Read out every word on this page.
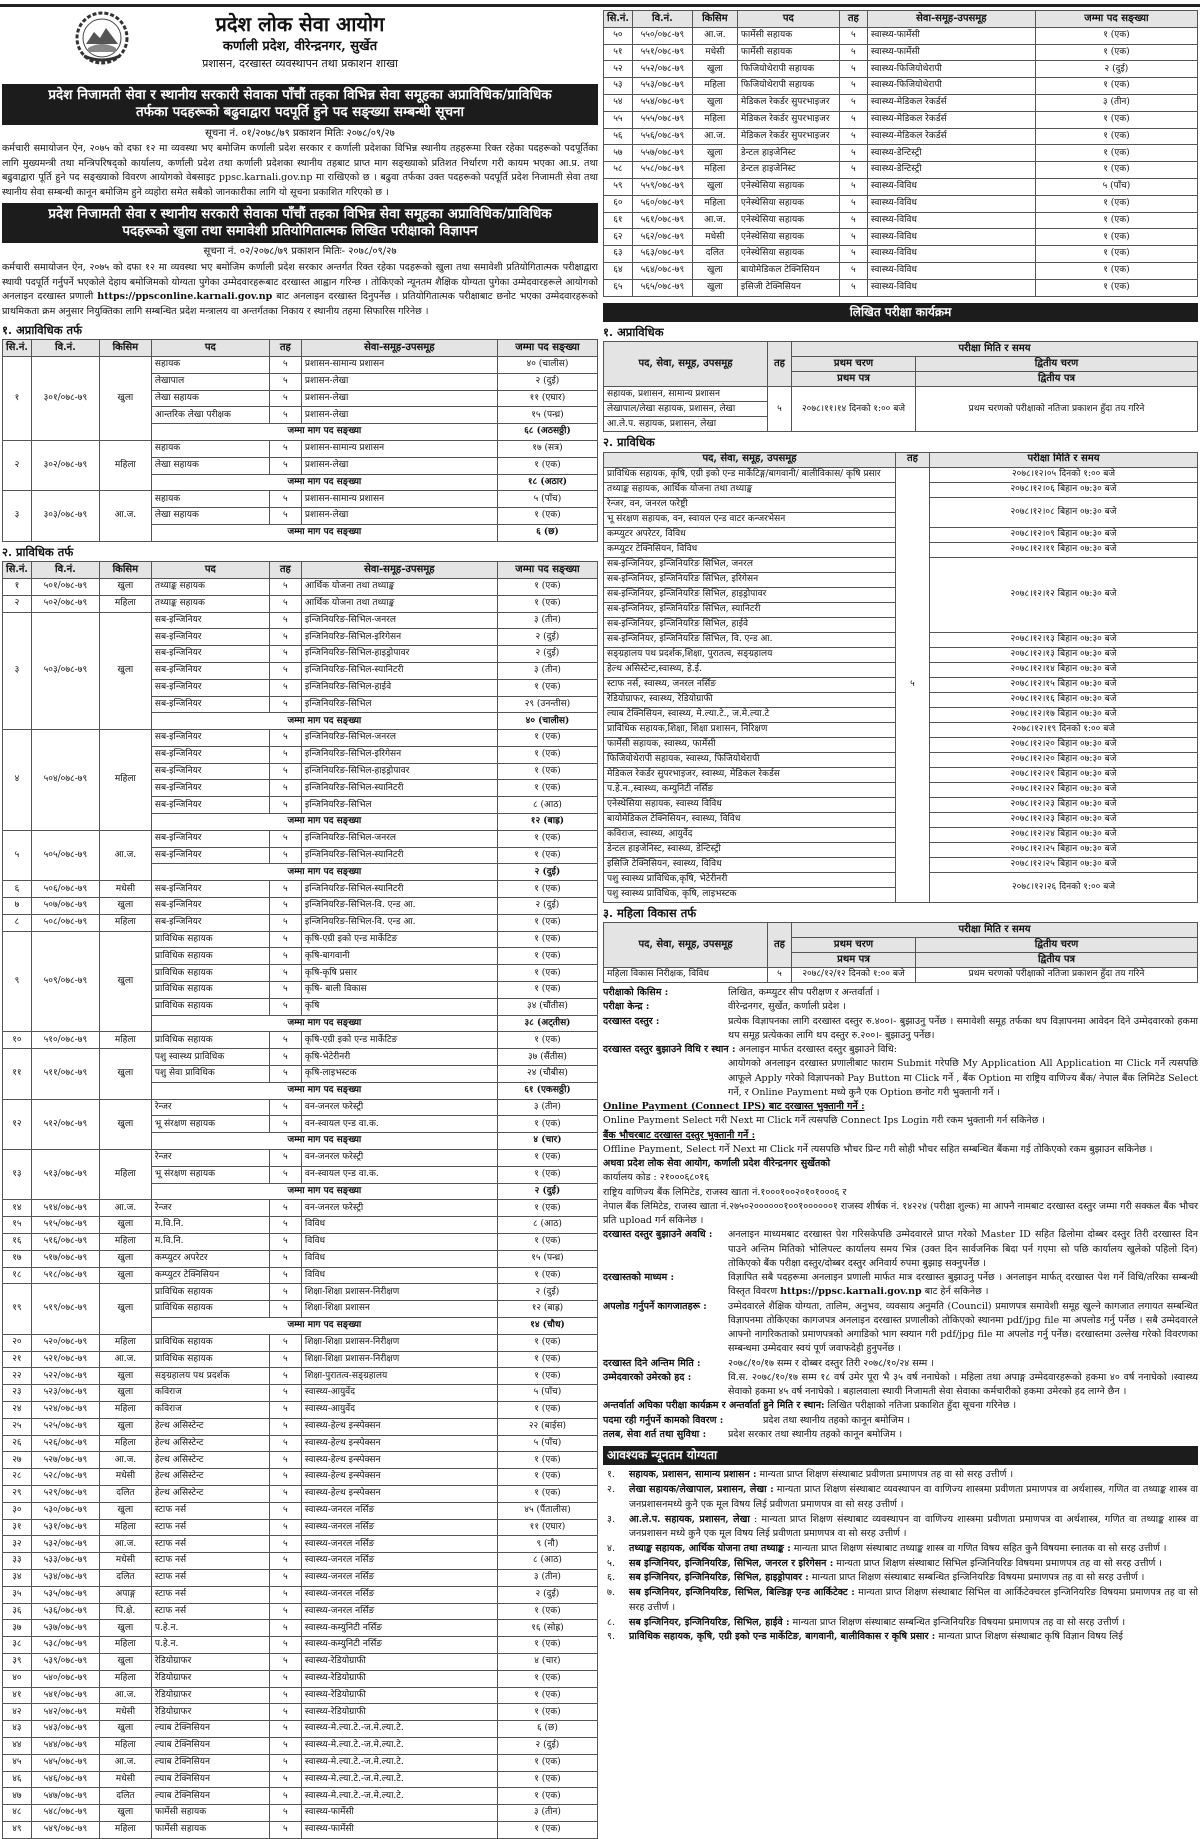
प्रदेश लोक सेवा आयोग
कर्णाली प्रदेश, वीरेन्द्रनगर, सुर्खेत
प्रशासन, दरखास्त व्यवस्थापन तथा प्रकाशन शाखा
प्रदेश निजामती सेवा र स्थानीय सरकारी सेवाका पाँचौं तहका विभिन्न सेवा समूहका अप्राविधिक/प्राविधिक
तर्फका पदहरूको बढुवाद्वारा पदपूर्ति हुने पद सङ्ख्या सम्बन्धी सूचना
सूचना नं. ०१/२०७८/७९ प्रकाशन मितिः २०७८/०९/२७
कर्मचारी समायोजन ऐन, २०७५ को दफा १२ मा व्यवस्था भए बमोजिम कर्णाली प्रदेश सरकार र कर्णाली प्रदेशका विभिन्न स्थानीय तहहरूमा रिक्त रहेका पदहरूको पदपूर्तिका लागि मुख्यमन्त्री तथा मन्त्रिपरिषद्को कार्यालय, कर्णाली प्रदेश तथा कर्णाली प्रदेशका स्थानीय तहबाट प्राप्त माग सङ्ख्याको प्रतिशत निर्धारण गरी कायम भएका आ.प्र. तथा बढुवाद्वारा पूर्ति हुने पद सङ्ख्याको विवरण आयोगको वेबसाइट ppsc.karnali.gov.np मा राखिएको छ । बढुवा तर्फका उक्त पदहरूको पदपूर्ति प्रदेश निजामती सेवा तथा स्थानीय सेवा सम्बन्धी कानून बमोजिम हुने व्यहोरा समेत सबैको जानकारीका लागि यो सूचना प्रकाशित गरिएको छ ।
प्रदेश निजामती सेवा र स्थानीय सरकारी सेवाका पाँचौं तहका विभिन्न सेवा समूहका अप्राविधिक/प्राविधिक
पदहरूको खुला तथा समावेशी प्रतियोगितात्मक लिखित परीक्षाको विज्ञापन
सूचना नं. ०२/२०७८/७९ प्रकाशन मितिः- २०७८/०९/२७
कर्मचारी समायोजन ऐन, २०७५ को दफा १२ मा व्यवस्था भए बमोजिम कर्णाली प्रदेश सरकार अन्तर्गत रिक्त रहेका पदहरूको खुला तथा समावेशी प्रतियोगितात्मक परीक्षाद्वारा स्थायी पदपूर्ति गर्नुपर्ने भएकोले देहाय बमोजिमको योग्यता पुगेका उम्मेदवारहरूबाट दरखास्त आह्वान गरिन्छ । तोकिएको न्यूनतम शैक्षिक योग्यता पुगेका उम्मेदवारहरूले आयोगको अनलाइन दरखास्त प्रणाली https://ppsconline.karnali.gov.np बाट अनलाइन दरखास्त दिनुपर्नेछ । प्रतियोगितात्मक परीक्षाबाट छनोट भएका उम्मेदवारहरूको प्राथमिकता क्रम अनुसार नियुक्तिका लागि सम्बन्धित प्रदेश मन्त्रालय वा अन्तर्गतका निकाय र स्थानीय तहमा सिफारिस गरिनेछ ।
१. अप्राविधिक तर्फ
सि.नं.	वि.नं.	किसिम	पद	तह	सेवा-समूह-उपसमूह	जम्मा पद सङ्ख्या
१	३०१/०७८-७९	खुला	सहायक	५	प्रशासन-सामान्य प्रशासन	४० (चालीस)
			लेखापाल	५	प्रशासन-लेखा	२ (दुई)
			लेखा सहायक	५	प्रशासन-लेखा	११ (एघार)
			आन्तरिक लेखा परीक्षक	५	प्रशासन-लेखा	१५ (पन्ध्र)
			जम्मा माग पद सङ्ख्या			६८ (अठसठ्ठी)
२	३०२/०७८-७९	महिला	सहायक	५	प्रशासन-सामान्य प्रशासन	१७ (सत्र)
			लेखा सहायक	५	प्रशासन-लेखा	१ (एक)
			जम्मा माग पद सङ्ख्या			१८ (अठार)
३	३०३/०७८-७९	आ.ज.	सहायक	५	प्रशासन-सामान्य प्रशासन	५ (पाँच)
			लेखा सहायक	५	प्रशासन-लेखा	१ (एक)
			जम्मा माग पद सङ्ख्या			६ (छ)
२. प्राविधिक तर्फ
सि.नं.	वि.नं.	किसिम	पद	तह	सेवा-समूह-उपसमूह	जम्मा पद सङ्ख्या
१	५०१/०७८-७९	खुला	तथ्याङ्क सहायक	५	आर्थिक योजना तथा तथ्याङ्क	१ (एक)
२	५०२/०७८-७९	महिला	तथ्याङ्क सहायक	५	आर्थिक योजना तथा तथ्याङ्क	१ (एक)
३	५०३/०७८-७९	खुला	सब-इन्जिनियर	५	इन्जिनियरिङ-सिभिल-जनरल	३ (तीन)
			सब-इन्जिनियर	५	इन्जिनियरिङ-सिभिल-इरिगेसन	२ (दुई)
			सब-इन्जिनियर	५	इन्जिनियरिङ-सिभिल-हाइड्रोपावर	२ (दुई)
			सब-इन्जिनियर	५	इन्जिनियरिङ-सिभिल-स्यानिटरी	३ (तीन)
			सब-इन्जिनियर	५	इन्जिनियरिङ-सिभिल-हाईवे	१ (एक)
			सब-इन्जिनियर	५	इन्जिनियरिङ-सिभिल	२९ (उनन्तीस)
			जम्मा माग पद सङ्ख्या			४० (चालीस)
४	५०४/०७८-७९	महिला	सब-इन्जिनियर	५	इन्जिनियरिङ-सिभिल-जनरल	१ (एक)
			सब-इन्जिनियर	५	इन्जिनियरिङ-सिभिल-इरिगेसन	१ (एक)
			सब-इन्जिनियर	५	इन्जिनियरिङ-सिभिल-हाइड्रोपावर	१ (एक)
			सब-इन्जिनियर	५	इन्जिनियरिङ-सिभिल-स्यानिटरी	१ (एक)
			सब-इन्जिनियर	५	इन्जिनियरिङ-सिभिल	८ (आठ)
			जम्मा माग पद सङ्ख्या			१२ (बाह्र)
५	५०५/०७८-७९	आ.ज.	सब-इन्जिनियर	५	इन्जिनियरिङ-सिभिल-जनरल	१ (एक)
			सब-इन्जिनियर	५	इन्जिनियरिङ-सिभिल-स्यानिटरी	१ (एक)
			जम्मा माग पद सङ्ख्या			२ (दुई)
६	५०६/०७८-७९	मधेसी	सब-इन्जिनियर	५	इन्जिनियरिङ-सिभिल-स्यानिटरी	१ (एक)
७	५०७/०७८-७९	खुला	सब-इन्जिनियर	५	इन्जिनियरिङ-सिभिल-वि. एन्ड आ.	२ (दुई)
८	५०८/०७८-७९	महिला	सब-इन्जिनियर	५	इन्जिनियरिङ-सिभिल-वि. एन्ड आ.	१ (एक)
९	५०९/०७८-७९	खुला	प्राविधिक सहायक	५	कृषि-एग्री इको एन्ड मार्केटिङ	१ (एक)
			प्राविधिक सहायक	५	कृषि-बागवानी	१ (एक)
			प्राविधिक सहायक	५	कृषि-कृषि प्रसार	१ (एक)
			प्राविधिक सहायक	५	कृषि- बाली विकास	१ (एक)
			प्राविधिक सहायक	५	कृषि	३४ (चौंतीस)
			जम्मा माग पद सङ्ख्या			३८ (अट्तीस)
१०	५१०/०७८-७९	महिला	प्राविधिक सहायक	५	कृषि-एग्री इको एन्ड मार्केटिङ	१ (एक)
११	५११/०७८-७९	खुला	पशु स्वास्थ्य प्राविधिक	५	कृषि-भेटेरीनरी	३७ (सैंतीस)
			पशु सेवा प्राविधिक	५	कृषि-लाइभस्टक	२४ (चौबीस)
			जम्मा माग पद सङ्ख्या			६१ (एकसठ्ठी)
१२	५१२/०७८-७९	खुला	रेन्जर	५	वन-जनरल फरेस्ट्री	३ (तीन)
			भू संरक्षण सहायक	५	वन-स्वायल एन्ड वा.क.	१ (एक)
			जम्मा माग पद सङ्ख्या			४ (चार)
१३	५१३/०७८-७९	महिला	रेन्जर	५	वन-जनरल फरेस्ट्री	१ (एक)
			भू संरक्षण सहायक	५	वन-स्वायल एन्ड वा.क.	१ (एक)
			जम्मा माग पद सङ्ख्या			२ (दुई)
१४	५१४/०७८-७९	आ.ज.	रेन्जर	५	वन-जनरल फरेस्ट्री	१ (एक)
१५	५१५/०७८-७९	खुला	म.वि.नि.	५	विविध	८ (आठ)
१६	५१६/०७८-७९	महिला	म.वि.नि.	५	विविध	१ (एक)
१७	५१७/०७८-७९	खुला	कम्प्युटर अपरेटर	५	विविध	१५ (पन्ध्र)
१८	५१८/०७८-७९	खुला	कम्प्युटर टेक्निसियन	५	विविध	१ (एक)
१९	५१९/०७८-७९	खुला	प्राविधिक सहायक	५	शिक्षा-शिक्षा प्रशासन-निरीक्षण	२ (दुई)
			प्राविधिक सहायक	५	शिक्षा-शिक्षा प्रशासन	१२ (बाह्र)
			जम्मा माग पद सङ्ख्या			१४ (चौध)
२०	५२०/०७८-७९	महिला	प्राविधिक सहायक	५	शिक्षा-शिक्षा प्रशासन-निरीक्षण	१ (एक)
२१	५२१/०७८-७९	आ.ज.	प्राविधिक सहायक	५	शिक्षा-शिक्षा प्रशासन-निरीक्षण	१ (एक)
२२	५२२/०७८-७९	खुला	सङ्ग्रहालय पथ प्रदर्शक	५	शिक्षा-पुरातत्व-सङ्ग्रहालय	१ (एक)
२३	५२३/०७८-७९	खुला	कविराज	५	स्वास्थ्य-आयुर्वेद	५ (पाँच)
२४	५२४/०७८-७९	महिला	कविराज	५	स्वास्थ्य-आयुर्वेद	१ (एक)
२५	५२५/०७८-७९	खुला	हेल्थ असिस्टेन्ट	५	स्वास्थ्य-हेल्थ इन्स्पेक्सन	२२ (बाईस)
२६	५२६/०७८-७९	महिला	हेल्थ असिस्टेन्ट	५	स्वास्थ्य-हेल्थ इन्स्पेक्सन	५ (पाँच)
२७	५२७/०७८-७९	आ.ज.	हेल्थ असिस्टेन्ट	५	स्वास्थ्य-हेल्थ इन्स्पेक्सन	१ (एक)
२८	५२८/०७८-७९	मधेसी	हेल्थ असिस्टेन्ट	५	स्वास्थ्य-हेल्थ इन्स्पेक्सन	१ (एक)
२९	५२९/०७८-७९	दलित	हेल्थ असिस्टेन्ट	५	स्वास्थ्य-हेल्थ इन्स्पेक्सन	१ (एक)
३०	५३०/०७८-७९	खुला	स्टाफ नर्स	५	स्वास्थ्य-जनरल नर्सिङ	४५ (पैंतालीस)
३१	५३१/०७८-७९	महिला	स्टाफ नर्स	५	स्वास्थ्य-जनरल नर्सिङ	११ (एघार)
३२	५३२/०७८-७९	आ.ज.	स्टाफ नर्स	५	स्वास्थ्य-जनरल नर्सिङ	९ (नौ)
३३	५३३/०७८-७९	मधेसी	स्टाफ नर्स	५	स्वास्थ्य-जनरल नर्सिङ	८ (आठ)
३४	५३४/०७८-७९	दलित	स्टाफ नर्स	५	स्वास्थ्य-जनरल नर्सिङ	३ (तीन)
३५	५३५/०७८-७९	अपाङ्ग	स्टाफ नर्स	५	स्वास्थ्य-जनरल नर्सिङ	२ (दुई)
३६	५३६/०७८-७९	पि.क्षे.	स्टाफ नर्स	५	स्वास्थ्य-जनरल नर्सिङ	१ (एक)
३७	५३७/०७८-७९	खुला	प.हे.न.	५	स्वास्थ्य-कम्युनिटी नर्सिङ	१६ (सोह्र)
३८	५३८/०७८-७९	महिला	प.हे.न.	५	स्वास्थ्य-कम्युनिटी नर्सिङ	१ (एक)
३९	५३९/०७८-७९	खुला	रेडियोग्राफर	५	स्वास्थ्य-रेडियोग्राफी	४ (चार)
४०	५४०/०७८-७९	महिला	रेडियोग्राफर	५	स्वास्थ्य-रेडियोग्राफी	१ (एक)
४१	५४१/०७८-७९	आ.ज.	रेडियोग्राफर	५	स्वास्थ्य-रेडियोग्राफी	१ (एक)
४२	५४२/०७८-७९	मधेसी	रेडियोग्राफर	५	स्वास्थ्य-रेडियोग्राफी	१ (एक)
४३	५४३/०७८-७९	खुला	ल्याब टेक्निसियन	५	स्वास्थ्य-मे.ल्या.टे.-ज.मे.ल्या.टे.	६ (छ)
४४	५४४/०७८-७९	महिला	ल्याब टेक्निसियन	५	स्वास्थ्य-मे.ल्या.टे.-ज.मे.ल्या.टे.	२ (दुई)
४५	५४५/०७८-७९	आ.ज.	ल्याब टेक्निसियन	५	स्वास्थ्य-मे.ल्या.टे.-ज.मे.ल्या.टे.	१ (एक)
४६	५४६/०७८-७९	मधेसी	ल्याब टेक्निसियन	५	स्वास्थ्य-मे.ल्या.टे.-ज.मे.ल्या.टे.	१ (एक)
४७	५४७/०७८-७९	दलित	ल्याब टेक्निसियन	५	स्वास्थ्य-मे.ल्या.टे.-ज.मे.ल्या.टे.	१ (एक)
४८	५४८/०७८-७९	खुला	फार्मेसी सहायक	५	स्वास्थ्य-फार्मेसी	३ (तीन)
४९	५४९/०७८-७९	महिला	फार्मेसी सहायक	५	स्वास्थ्य-फार्मेसी	१ (एक)
सि.नं.	वि.नं.	किसिम	पद	तह	सेवा-समूह-उपसमूह	जम्मा पद सङ्ख्या
५०	५५०/०७८-७९	आ.ज.	फार्मेसी सहायक	५	स्वास्थ्य-फार्मेसी	१ (एक)
५१	५५१/०७८-७९	मधेसी	फार्मेसी सहायक	५	स्वास्थ्य-फार्मेसी	१ (एक)
५२	५५२/०७८-७९	खुला	फिजियोथेरापी सहायक	५	स्वास्थ्य-फिजियोथेरापी	२ (दुई)
५३	५५३/०७८-७९	महिला	फिजियोथेरापी सहायक	५	स्वास्थ्य-फिजियोथेरापी	१ (एक)
५४	५५४/०७८-७९	खुला	मेडिकल रेकर्डर सुपरभाइजर	५	स्वास्थ्य-मेडिकल रेकर्डर्स	३ (तीन)
५५	५५५/०७८-७९	महिला	मेडिकल रेकर्डर सुपरभाइजर	५	स्वास्थ्य-मेडिकल रेकर्डर्स	१ (एक)
५६	५५६/०७८-७९	आ.ज.	मेडिकल रेकर्डर सुपरभाइजर	५	स्वास्थ्य-मेडिकल रेकर्डर्स	१ (एक)
५७	५५७/०७८-७९	खुला	डेन्टल हाइजेनिस्ट	५	स्वास्थ्य-डेन्टिस्ट्री	१ (एक)
५८	५५८/०७८-७९	महिला	डेन्टल हाइजेनिस्ट	५	स्वास्थ्य-डेन्टिस्ट्री	१ (एक)
५९	५५९/०७८-७९	खुला	एनेस्थेसिया सहायक	५	स्वास्थ्य-विविध	५ (पाँच)
६०	५६०/०७८-७९	महिला	एनेस्थेसिया सहायक	५	स्वास्थ्य-विविध	१ (एक)
६१	५६१/०७८-७९	आ.ज.	एनेस्थेसिया सहायक	५	स्वास्थ्य-विविध	१ (एक)
६२	५६२/०७८-७९	मधेसी	एनेस्थेसिया सहायक	५	स्वास्थ्य-विविध	१ (एक)
६३	५६३/०७८-७९	दलित	एनेस्थेसिया सहायक	५	स्वास्थ्य-विविध	१ (एक)
६४	५६४/०७८-७९	खुला	बायोमेडिकल टेक्निसियन	५	स्वास्थ्य-विविध	१ (एक)
६५	५६५/०७८-७९	खुला	इसिजी टेक्निसियन	५	स्वास्थ्य-विविध	१ (एक)
लिखित परीक्षा कार्यक्रम
१. अप्राविधिक
पद, सेवा, समूह, उपसमूह	तह	परीक्षा मिति र समय	
		प्रथम चरण	द्वितीय चरण
		प्रथम पत्र	द्वितीय पत्र
सहायक, प्रशासन, सामान्य प्रशासन	५	२०७८।११।१४ दिनको १:०० बजे	प्रथम चरणको परीक्षाको नतिजा प्रकाशन हुँदा तय गरिने
लेखापाल/लेखा सहायक, प्रशासन, लेखा			
आ.ले.प. सहायक, प्रशासन, लेखा			
२. प्राविधिक
पद, सेवा, समूह, उपसमूह	तह	परीक्षा मिति र समय
प्राविधिक सहायक, कृषि, एग्री इको एन्ड मार्केटिङ्ग/बागवानी/ बालीविकास/ कृषि प्रसार	५	२०७८।१२।०५ दिनको १:०० बजे
तथ्याङ्क सहायक, आर्थिक योजना तथा तथ्याङ्क		२०७८।१२।०६ बिहान ०७:३० बजे
रेन्जर, वन, जनरल फरेष्ट्री		२०७८।१२।०८ बिहान ०७:३० बजे
भू संरक्षण सहायक, वन, स्वायल एन्ड वाटर कन्जरभेसन		
कम्प्युटर अपरेटर, विविध		२०७८।१२।०९ बिहान ०७:३० बजे
कम्प्युटर टेक्निसियन, विविध		२०७८।१२।११ बिहान ०७:३० बजे
सब-इन्जिनियर, इन्जिनियरिङ सिभिल, जनरल		२०७८।१२।१२ बिहान ०७:३० बजे
सब-इन्जिनियर, इन्जिनियरिङ सिभिल, इरिगेसन		
सब-इन्जिनियर, इन्जिनियरिङ सिभिल, हाइड्रोपावर		
सब-इन्जिनियर, इन्जिनियरिङ सिभिल, स्यानिटरी		
सब-इन्जिनियर, इन्जिनियरिङ सिभिल, हाईवे		
सब-इन्जिनियर, इन्जिनियरिङ सिभिल, वि. एन्ड आ.		२०७८।१२।१३ बिहान ०७:३० बजे
सङ्ग्रहालय पथ प्रदर्शक,शिक्षा, पुरातत्व, सङ्ग्रहालय		२०७८।१२।१३ बिहान ०७:३० बजे
हेल्थ असिस्टेन्ट,स्वास्थ्य, हे.ई.		२०७८।१२।१४ बिहान ०७:३० बजे
स्टाफ नर्स, स्वास्थ्य, जनरल नर्सिङ		२०७८।१२।१५ बिहान ०७:३० बजे
रेडियोग्राफर, स्वास्थ्य, रेडियोग्राफी		२०७८।१२।१६ बिहान ०७:३० बजे
ल्याब टेक्निसियन, स्वास्थ्य, मे.ल्या.टे., ज.मे.ल्या.टे		२०७८।१२।१७ बिहान ०७:३० बजे
प्राविधिक सहायक,शिक्षा, शिक्षा प्रशासन, निरिक्षण		२०७८।१२।१९ दिनको १:०० बजे
फार्मेसी सहायक, स्वास्थ्य, फार्मेसी		२०७८।१२।२० बिहान ०७:३० बजे
फिजियोथेरापी सहायक, स्वास्थ्य, फिजियोथेरापी		२०७८।१२।२० बिहान ०७:३० बजे
मेडिकल रेकर्डर सुपरभाइजर, स्वास्थ्य, मेडिकल रेकर्डस		२०७८।१२।२१ बिहान ०७:३० बजे
प.हे.न.,स्वास्थ्य, कम्युनिटी नर्सिङ		२०७८।१२।२२ बिहान ०७:३० बजे
एनेस्थेसिया सहायक, स्वास्थ्य विविध		२०७८।१२।२३ बिहान ०७:३० बजे
बायोमेडिकल टेक्निसियन, स्वास्थ्य, विविध		२०७८।१२।२३ बिहान ०७:३० बजे
कविराज, स्वास्थ्य, आयुर्वेद		२०७८।१२।२४ बिहान ०७:३० बजे
डेन्टल हाइजेनिस्ट, स्वास्थ्य, डेन्टिस्ट्री		२०७८।१२।२५ बिहान ०७:३० बजे
इसिजि टेक्निसियन, स्वास्थ्य, विविध		२०७८।१२।२५ बिहान ०७:३० बजे
पशु स्वास्थ्य प्राविधिक,कृषि, भेटेरीनरी		२०७८।१२।२६ दिनको १:०० बजे
पशु स्वास्थ्य प्राविधिक, कृषि, लाइभस्टक		
३. महिला विकास तर्फ
पद, सेवा, समूह, उपसमूह	तह	परीक्षा मिति र समय	
		प्रथम चरण	द्वितीय चरण
		प्रथम पत्र	द्वितीय पत्र
महिला विकास निरीक्षक, विविध	५	२०७८/१२/१२ दिनको १:०० बजे	प्रथम चरणको परीक्षाको नतिजा प्रकाशन हुँदा तय गरिने
परीक्षाको किसिम :	लिखित, कम्प्युटर सीप परीक्षण र अन्तर्वार्ता ।
परीक्षा केन्द्र :	वीरेन्द्रनगर, सुर्खेत, कर्णाली प्रदेश ।
दरखास्त दस्तुर :	प्रत्येक विज्ञापनका लागि दरखास्त दस्तुर रु.४००।- बुझाउनु पर्नेछ । समावेशी समूह तर्फका थप विज्ञापनमा आवेदन दिने उम्मेदवारको हकमा थप समूह प्रत्येकका लागि थप दस्तुर रु.२००।- बुझाउनु पर्नेछ।
दरखास्त दस्तुर बुझाउने विधि र स्थान : अनलाइन मार्फत दरखास्त दस्तुर बुझाउने विधि:
आयोगको अनलाइन दरखास्त प्रणालीबाट फाराम Submit गरेपछि My Application All Application मा Click गर्ने त्यसपछि आफूले Apply गरेको विज्ञापनको Pay Button मा Click गर्ने , बैंक Option मा राष्ट्रिय वाणिज्य बैंक/ नेपाल बैंक लिमिटेड Select गर्ने, र Online Payment मध्ये कुनै एक Option छनोट गरी भुक्तानी गर्ने ।
Online Payment (Connect IPS) बाट दरखास्त भुक्तानी गर्ने :
Online Payment Select गरी Next मा Click गर्ने त्यसपछि Connect Ips Login गरी रकम भुक्तानी गर्न सकिनेछ ।
बैंक भौचरबाट दरखास्त दस्तुर भुक्तानी गर्ने :
Offline Payment, Select गर्ने Next मा Click गर्ने त्यसपछि भौचर प्रिन्ट गरी सोही भौचर सहित सम्बन्धित बैंकमा गई तोकिएको रकम बुझाउन सकिनेछ ।
अथवा प्रदेश लोक सेवा आयोग, कर्णाली प्रदेश वीरेन्द्रनगर सुर्खेतको
कार्यालय कोड : २१०००६८०१६
राष्ट्रिय वाणिज्य बैंक लिमिटेड, राजस्व खाता नं.१०००१००२०१०१०००६ र
नेपाल बैंक लिमिटेड, राजस्व खाता नं.२७५०२००००००१००१००००००१ राजस्व शीर्षक नं. १४२२४ (परीक्षा शुल्क) मा आफ्नै नामबाट दरखास्त दस्तुर जम्मा गरी सक्कल बैंक भौचर प्रति upload गर्न सकिनेछ ।
दरखास्त दस्तुर बुझाउने अवधि :	अनलाइन माध्यमबाट दरखास्त पेश गरिसकेपछि उम्मेदवारले प्राप्त गरेको Master ID सहित ढिलोमा दोब्बर दस्तुर तिरी दरखास्त दिन पाउने अन्तिम मितिको भोलिपल्ट कार्यालय समय भित्र (उक्त दिन सार्वजनिक बिदा पर्न गएमा सो पछि कार्यालय खुलेको पहिलो दिन) तोकिएको बैंक परीक्षा दस्तुर/दोब्बर दस्तुर अनिवार्य रुपमा बुझाइ सक्नुपर्नेछ ।
दरखास्तको माध्यम :	विज्ञापित सबै पदहरूमा अनलाइन प्रणाली मार्फत मात्र दरखास्त बुझाउनु पर्नेछ । अनलाइन मार्फत् दरखास्त पेश गर्ने विधि/तरिका सम्बन्धी विस्तृत विवरण https://ppsc.karnali.gov.np बाट हेर्न सकिनेछ ।
अपलोड गर्नुपर्ने कागजातहरू :	उम्मेदवारले शैक्षिक योग्यता, तालिम, अनुभव, व्यवसाय अनुमति (Council) प्रमाणपत्र समावेशी समूह खुल्ने कागजात लगायत सम्बन्धित विज्ञापनमा तोकिएका कागजपत्र अनलाइन दरखास्त प्रणालीको तोकिएको स्थानमा pdf/jpg file मा अपलोड गर्नु पर्नेछ । सबै उम्मेदवारले आफ्नो नागरिकताको प्रमाणपत्रको अगाडिको भाग स्क्यान गरी pdf/jpg file मा अपलोड गर्नु पर्नेछ। दरखास्तमा उल्लेख गरेको विवरणका सम्बन्धमा उम्मेदवार स्वयं पूर्ण जवाफदेही हुनुपर्नेछ ।
दरखास्त दिने अन्तिम मिति :	२०७८/१०/१७ सम्म र दोब्बर दस्तुर तिरी २०७८/१०/२४ सम्म ।
उम्मेदवारको उमेरको हद :	वि.स. २०७८/१०/१७ सम्म १८ वर्ष उमेर पूरा भै ३५ वर्ष ननाघेको । महिला तथा अपाङ्ग उम्मेदवारहरूको हकमा ४० वर्ष ननाघेको ।स्वास्थ्य सेवाको हकमा ४५ वर्ष ननाघेको । बहालवाला स्थायी निजामती सेवा सेवाका कर्मचारीको हकमा उमेरको हद लाग्ने छैन ।
अन्तर्वार्ता अघिका परीक्षा कार्यक्रम र अन्तर्वार्ता हुने मिति र स्थान: लिखित परीक्षाको नतिजा प्रकाशित हुँदा सूचना गरिनेछ ।
पदमा रही गर्नुपर्ने कामको विवरण :	प्रदेश तथा स्थानीय तहको कानून बमोजिम ।
तलब, सेवा शर्त तथा सुविधा :	प्रदेश सरकार तथा स्थानीय तहको कानून बमोजिम ।
आवश्यक न्यूनतम योग्यता
१.	सहायक, प्रशासन, सामान्य प्रशासन : मान्यता प्राप्त शिक्षण संस्थाबाट प्रवीणता प्रमाणपत्र तह वा सो सरह उत्तीर्ण ।
२.	लेखा सहायक/लेखापाल, प्रशासन, लेखा : मान्यता प्राप्त शिक्षण संस्थाबाट व्यवस्थापन वा वाणिज्य शास्त्रमा प्रवीणता प्रमाणपत्र वा अर्थशास्त्र, गणित वा तथ्याङ्क शास्त्र वा जनप्रशासनमध्ये कुनै एक मूल विषय लिई प्रवीणता प्रमाणपत्र वा सो सरह उत्तीर्ण ।
३.	आ.ले.प. सहायक, प्रशासन, लेखा : मान्यता प्राप्त शिक्षण संस्थाबाट व्यवस्थापन वा वाणिज्य शास्त्रमा प्रवीणता प्रमाणपत्र वा अर्थशास्त्र, गणित वा तथ्याङ्क शास्त्र वा जनप्रशासन मध्ये कुनै एक मूल विषय लिई प्रवीणता प्रमाणपत्र वा सो सरह उत्तीर्ण ।
४.	तथ्याङ्क सहायक, आर्थिक योजना तथा तथ्याङ्क : मान्यता प्राप्त शिक्षण संस्थाबाट तथ्याङ्क शास्त्र वा गणित विषय सहित कुनै विषयमा स्नातक वा सो सरह उत्तीर्ण ।
५.	सब इन्जिनियर, इन्जिनियरिङ, सिभिल, जनरल र इरिगेसन : मान्यता प्राप्त शिक्षण संस्थाबाट सिभिल इन्जिनियरिङ विषयमा प्रमाणपत्र तह वा सो सरह उत्तीर्ण ।
६.	सब इन्जिनियर, इन्जिनियरिङ, सिभिल, हाइड्रोपावर : मान्यता प्राप्त शिक्षण संस्थाबाट सम्बन्धित इन्जिनियरिङ विषयमा प्रमाणपत्र तह वा सो सरह उत्तीर्ण ।
७.	सब इन्जिनियर, इन्जिनियरिङ, सिभिल, बिल्डिङ्ग एन्ड आर्किटेक्ट : मान्यता प्राप्त शिक्षण संस्थाबाट सिभिल वा आर्किटेक्चरल इन्जिनियरिङ विषयमा प्रमाणपत्र तह वा सो सरह उत्तीर्ण ।
८.	सब इन्जिनियर, इन्जिनियरिङ, सिभिल, हाईवे : मान्यता प्राप्त शिक्षण संस्थाबाट सम्बन्धित इन्जिनियरिङ विषयमा प्रमाणपत्र तह वा सो सरह उत्तीर्ण ।
९.	प्राविधिक सहायक, कृषि, एग्री इको एन्ड मार्केटिङ, बागवानी, बालीविकास र कृषि प्रसार : मान्यता प्राप्त शिक्षण संस्थाबाट कृषि विज्ञान विषय लिई
